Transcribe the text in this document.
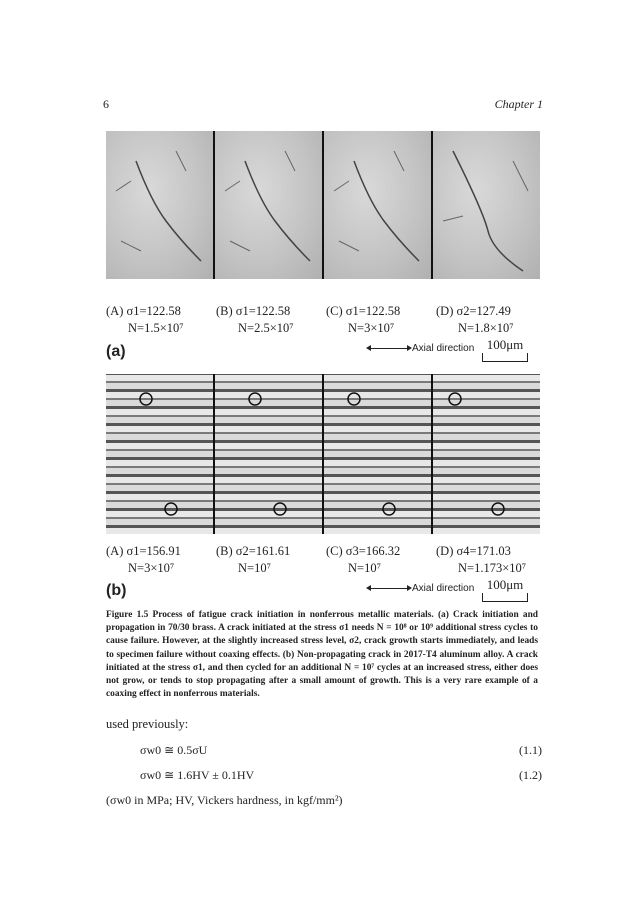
6	Chapter 1
(A) σ1=122.58
N=1.5×10⁷
(B) σ1=122.58
N=2.5×10⁷
(C) σ1=122.58
N=3×10⁷
(D) σ2=127.49
N=1.8×10⁷
(a)	Axial direction 100μm
(A) σ1=156.91
N=3×10⁷
(B) σ2=161.61
N=10⁷
(C) σ3=166.32
N=10⁷
(D) σ4=171.03
N=1.173×10⁷
(b)	Axial direction 100μm
Figure 1.5 Process of fatigue crack initiation in nonferrous metallic materials. (a) Crack initiation and propagation in 70/30 brass. A crack initiated at the stress σ1 needs N = 10⁸ or 10⁹ additional stress cycles to cause failure. However, at the slightly increased stress level, σ2, crack growth starts immediately, and leads to specimen failure without coaxing effects. (b) Non-propagating crack in 2017-T4 aluminum alloy. A crack initiated at the stress σ1, and then cycled for an additional N = 10⁷ cycles at an increased stress, either does not grow, or tends to stop propagating after a small amount of growth. This is a very rare example of a coaxing effect in nonferrous materials.
used previously:
σw0 ≅ 0.5σU	(1.1)
σw0 ≅ 1.6HV ± 0.1HV	(1.2)
(σw0 in MPa; HV, Vickers hardness, in kgf/mm²)
